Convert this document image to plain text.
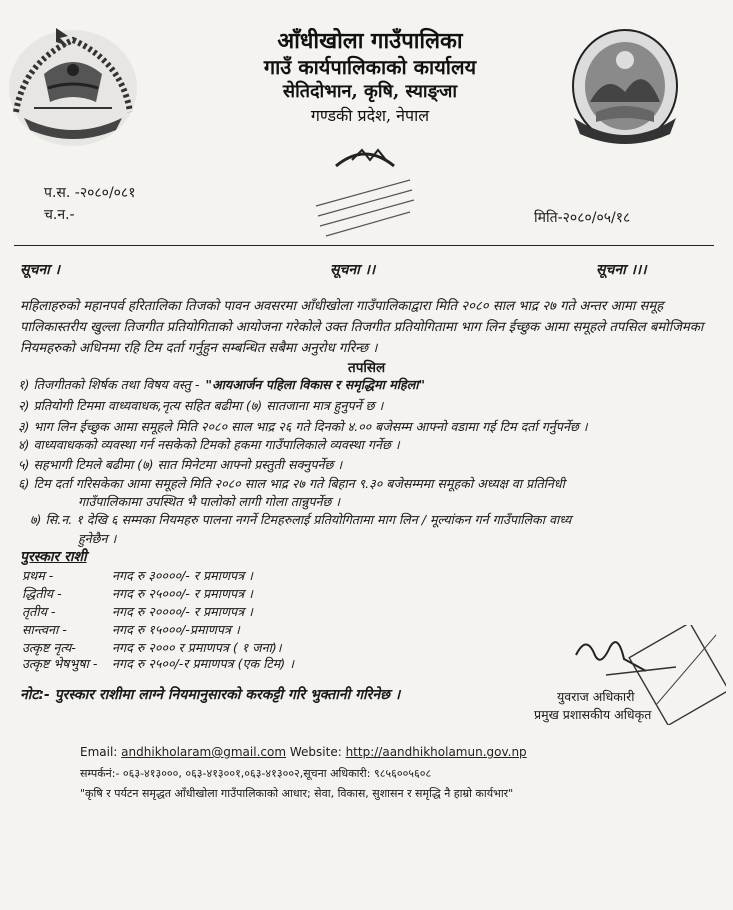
आँधीखोला गाउँपालिका
गाउँ कार्यपालिकाको कार्यालय
सेतिदोभान, कृषि, स्याङ्जा
गण्डकी प्रदेश, नेपाल
प.स. -२०८०/०८१
च.न.-	मिति-२०८०/०५/१८
सूचना ।	सूचना ।।	सूचना ।।।
महिलाहरुको महानपर्व हरितालिका तिजको पावन अवसरमा आँधीखोला गाउँपालिकाद्वारा मिति २०८० साल भाद्र २७ गते अन्तर आमा समूह पालिकास्तरीय खुल्ला तिजगीत प्रतियोगिताको आयोजना गरेकोले उक्त तिजगीत प्रतियोगितामा भाग लिन ईच्छुक आमा समूहले तपसिल बमोजिमका नियमहरुको अधिनमा रहि टिम दर्ता गर्नुहुन सम्बन्धित सबैमा अनुरोध गरिन्छ ।
तपसिल
१) तिजगीतको शिर्षक तथा विषय वस्तु - "आयआर्जन पहिला विकास र समृद्धिमा महिला"
२) प्रतियोगी टिममा वाध्यवाधक,नृत्य सहित बढीमा (७) सातजाना मात्र हुनुपर्ने छ ।
३) भाग लिन ईच्छुक आमा समूहले मिति २०८० साल भाद्र २६ गते दिनको ४.०० बजेसम्म आफ्नो वडामा गई टिम दर्ता गर्नुपर्नेछ ।
४) वाध्यवाधकको व्यवस्था गर्न नसकेको टिमको हकमा गाउँपालिकाले व्यवस्था गर्नेछ ।
५) सहभागी टिमले बढीमा (७) सात मिनेटमा आफ्नो प्रस्तुती सक्नुपर्नेछ ।
६) टिम दर्ता गरिसकेका आमा समूहले मिति २०८० साल भाद्र २७ गते बिहान ९.३० बजेसम्ममा समूहको अध्यक्ष वा प्रतिनिधी
गाउँपालिकामा उपस्थित भै पालोको लागी गोला तान्नुपर्नेछ ।
७) सि.न. १ देखि ६ सम्मका नियमहरु पालना नगर्ने टिमहरुलाई प्रतियोगितामा माग लिन / मूल्यांकन गर्न गाउँपालिका वाध्य
हुनेछैन ।
पुरस्कार राशी
प्रथम -	नगद रु ३००००/- र प्रमाणपत्र ।
द्धितीय -	नगद रु २५०००/- र प्रमाणपत्र ।
तृतीय -	नगद रु २००००/- र प्रमाणपत्र ।
सान्त्वना -	नगद रु १५०००/-प्रमाणपत्र ।
उत्कृष्ट नृत्य-	नगद रु २००० र प्रमाणपत्र ( १ जना)।
उत्कृष्ट भेषभुषा - नगद रु २५००/-र प्रमाणपत्र (एक टिम) ।
नोट:- पुरस्कार राशीमा लाग्ने नियमानुसारको करकट्टी गरि भुक्तानी गरिनेछ ।	युवराज अधिकारी
प्रमुख प्रशासकीय अधिकृत
Email: andhikholaram@gmail.com Website: http://aandhikholamun.gov.np
सम्पर्कनं:- ०६३-४१३०००, ०६३-४१३००१,०६३-४१३००२,सूचना अधिकारी: ९८५६००५६०८
"कृषि र पर्यटन समृद्धत आँधीखोला गाउँपालिकाको आधार; सेवा, विकास, सुशासन र समृद्धि नै हाम्रो कार्यभार"
